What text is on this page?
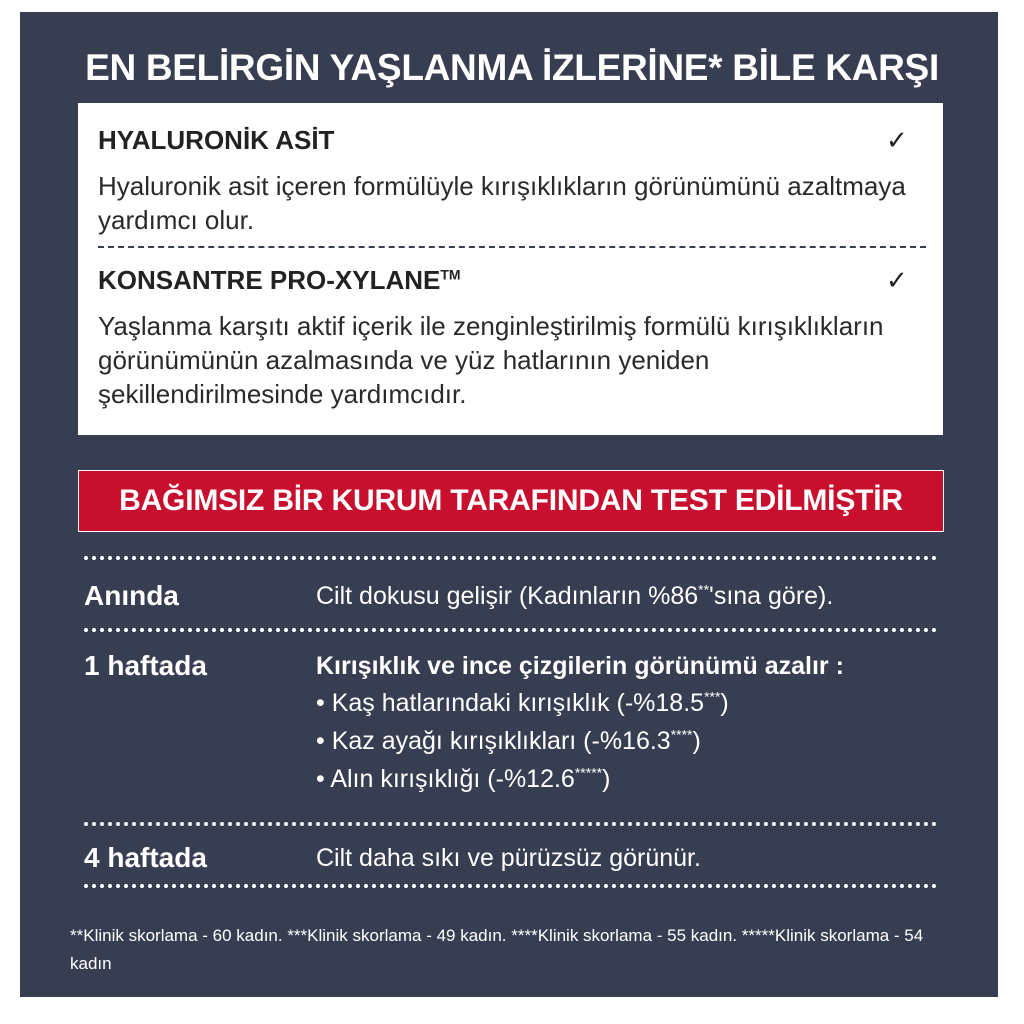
EN BELİRGİN YAŞLANMA İZLERİNE* BİLE KARŞI
HYALURONİK ASİT	✓
Hyaluronik asit içeren formülüyle kırışıklıkların görünümünü azaltmaya yardımcı olur.
KONSANTRE PRO-XYLANE™	✓
Yaşlanma karşıtı aktif içerik ile zenginleştirilmiş formülü kırışıklıkların görünümünün azalmasında ve yüz hatlarının yeniden şekillendirilmesinde yardımcıdır.
BAĞIMSIZ BİR KURUM TARAFINDAN TEST EDİLMİŞTİR
Anında	Cilt dokusu gelişir (Kadınların %86**'sına göre).
1 haftada	Kırışıklık ve ince çizgilerin görünümü azalır :
• Kaş hatlarındaki kırışıklık (-%18.5***)
• Kaz ayağı kırışıklıkları (-%16.3****)
• Alın kırışıklığı (-%12.6*****)
4 haftada	Cilt daha sıkı ve pürüzsüz görünür.
**Klinik skorlama - 60 kadın. ***Klinik skorlama - 49 kadın. ****Klinik skorlama - 55 kadın. *****Klinik skorlama - 54 kadın
